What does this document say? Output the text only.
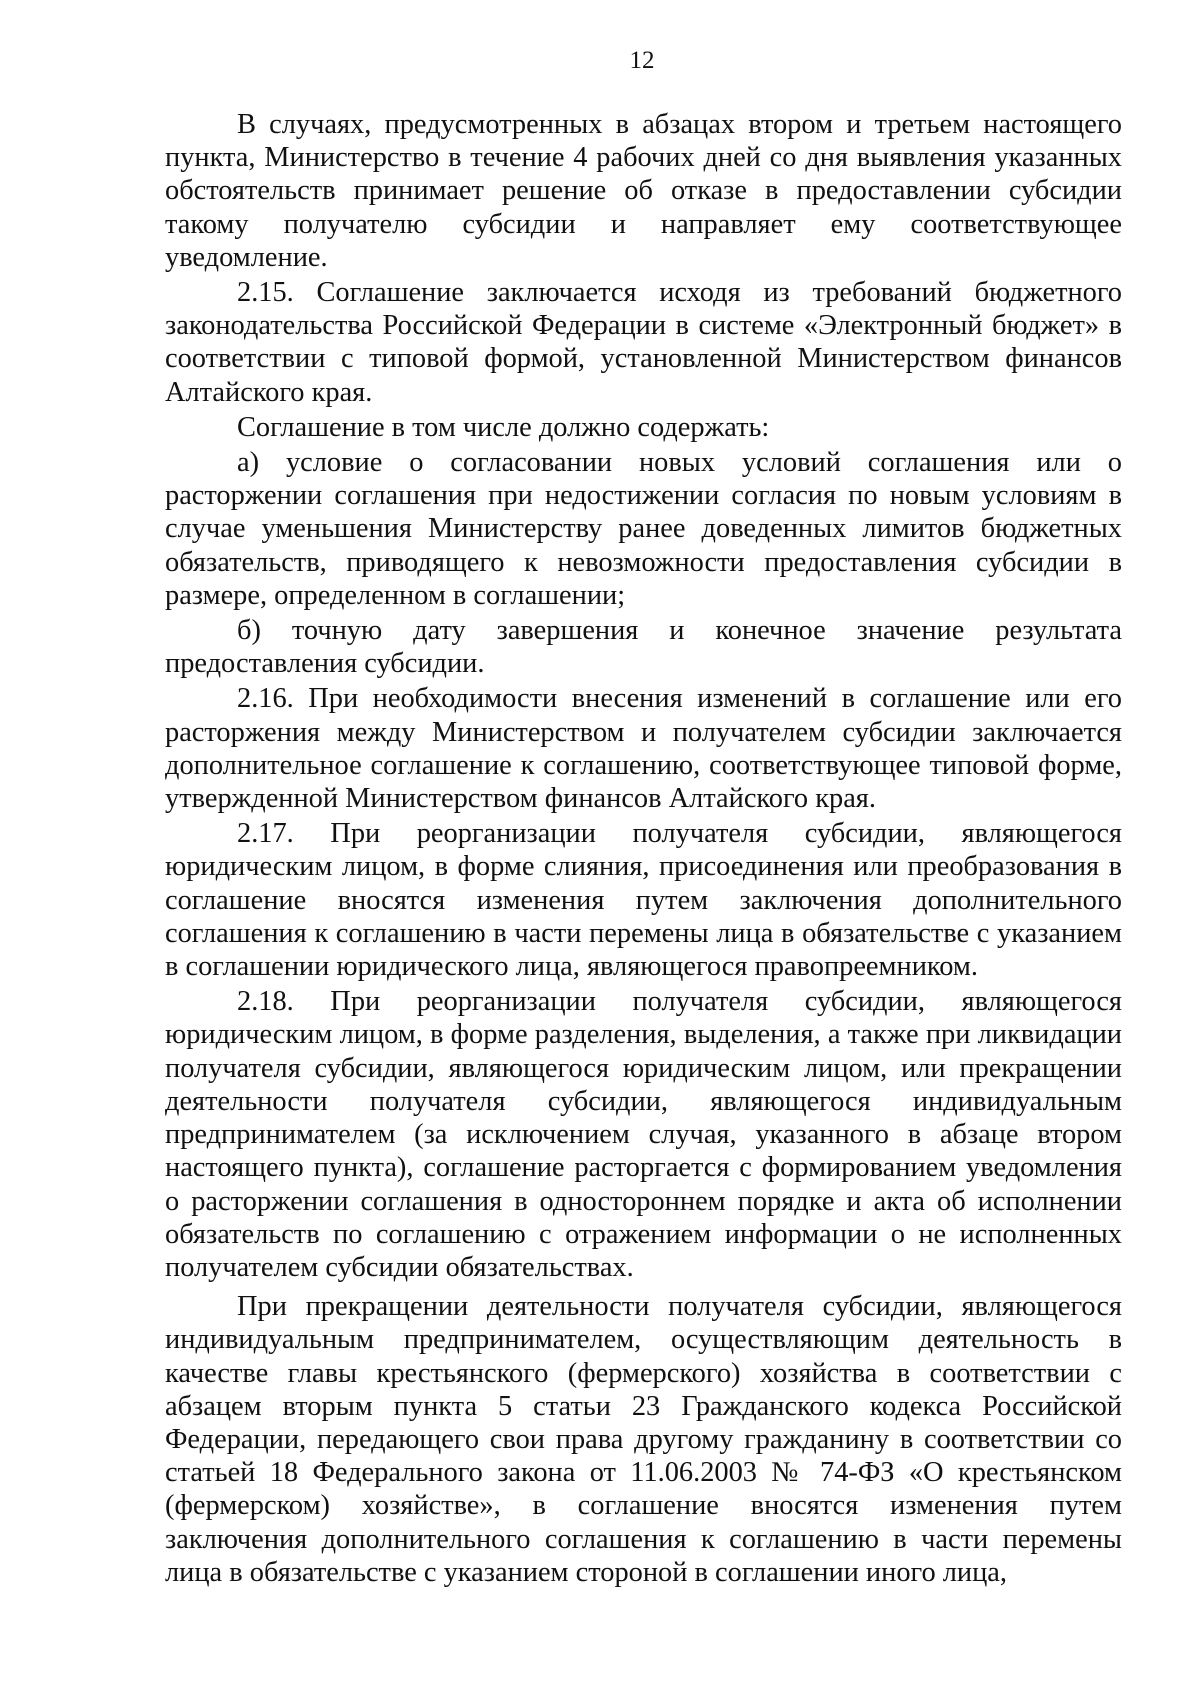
12

В случаях, предусмотренных в абзацах втором и третьем настоящего пункта, Министерство в течение 4 рабочих дней со дня выявления указанных обстоятельств принимает решение об отказе в предоставлении субсидии такому получателю субсидии и направляет ему соответствующее уведомление.

2.15. Соглашение заключается исходя из требований бюджетного законодательства Российской Федерации в системе «Электронный бюджет» в соответствии с типовой формой, установленной Министерством финансов Алтайского края.

Соглашение в том числе должно содержать:

а) условие о согласовании новых условий соглашения или о расторжении соглашения при недостижении согласия по новым условиям в случае уменьшения Министерству ранее доведенных лимитов бюджетных обязательств, приводящего к невозможности предоставления субсидии в размере, определенном в соглашении;

б) точную дату завершения и конечное значение результата предоставления субсидии.

2.16. При необходимости внесения изменений в соглашение или его расторжения между Министерством и получателем субсидии заключается дополнительное соглашение к соглашению, соответствующее типовой форме, утвержденной Министерством финансов Алтайского края.

2.17. При реорганизации получателя субсидии, являющегося юридическим лицом, в форме слияния, присоединения или преобразования в соглашение вносятся изменения путем заключения дополнительного соглашения к соглашению в части перемены лица в обязательстве с указанием в соглашении юридического лица, являющегося правопреемником.

2.18. При реорганизации получателя субсидии, являющегося юридическим лицом, в форме разделения, выделения, а также при ликвидации получателя субсидии, являющегося юридическим лицом, или прекращении деятельности получателя субсидии, являющегося индивидуальным предпринимателем (за исключением случая, указанного в абзаце втором настоящего пункта), соглашение расторгается с формированием уведомления о расторжении соглашения в одностороннем порядке и акта об исполнении обязательств по соглашению с отражением информации о не исполненных получателем субсидии обязательствах.

При прекращении деятельности получателя субсидии, являющегося индивидуальным предпринимателем, осуществляющим деятельность в качестве главы крестьянского (фермерского) хозяйства в соответствии с абзацем вторым пункта 5 статьи 23 Гражданского кодекса Российской Федерации, передающего свои права другому гражданину в соответствии со статьей 18 Федерального закона от 11.06.2003 № 74-ФЗ «О крестьянском (фермерском) хозяйстве», в соглашение вносятся изменения путем заключения дополнительного соглашения к соглашению в части перемены лица в обязательстве с указанием стороной в соглашении иного лица,
